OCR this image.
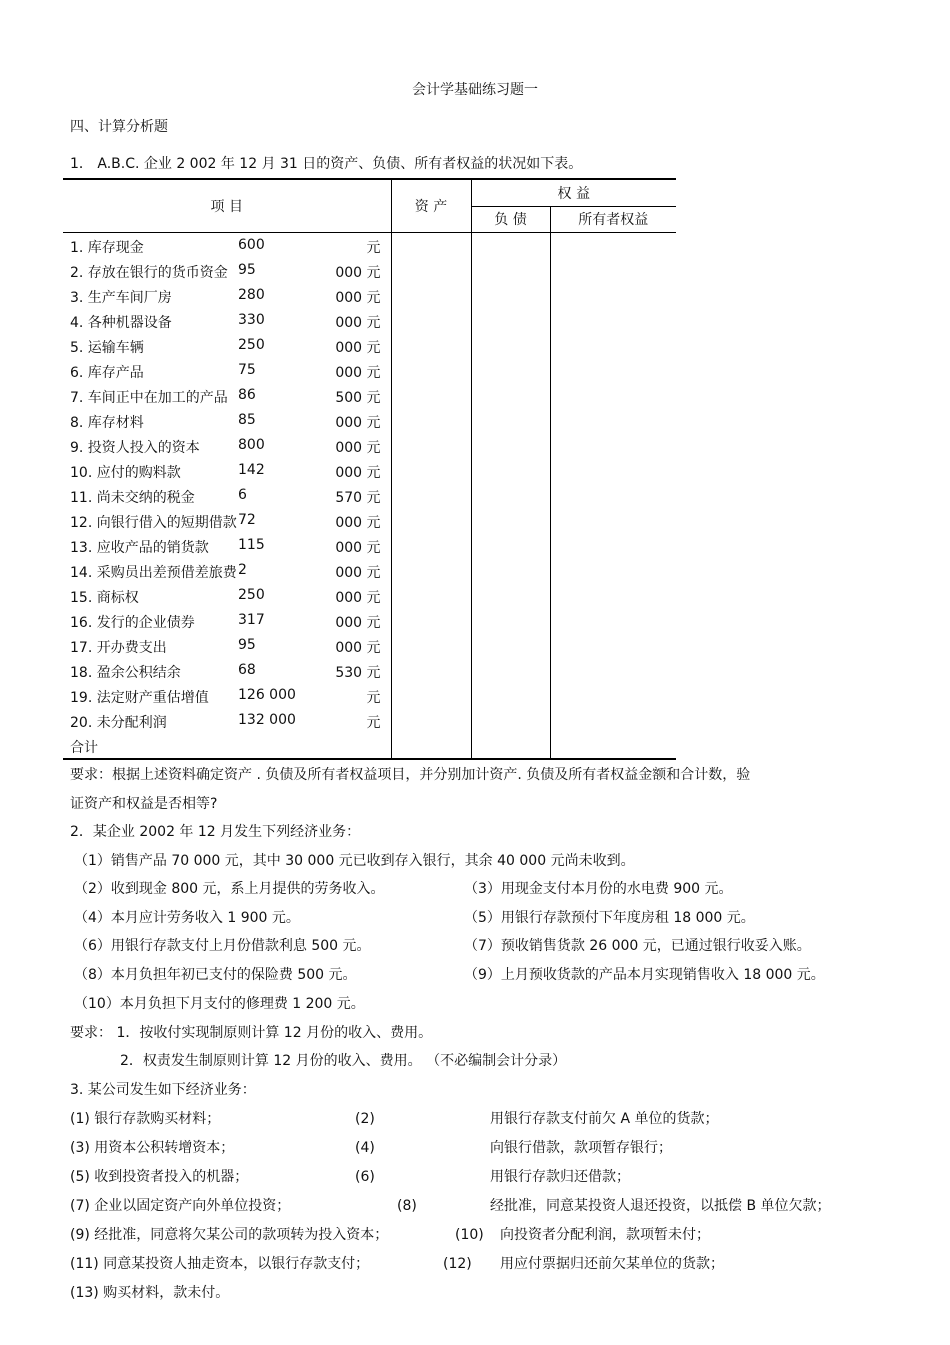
会计学基础练习题一
四、计算分析题
1． A.B.C. 企业 2 002 年 12 月 31 日的资产、负债、所有者权益的状况如下表。
项 目	资 产	权 益	
		负 债	所有者权益

1. 库存现金 600 元			

2. 存放在银行的货币资金 95 000 元			

3. 生产车间厂房 280 000 元			

4. 各种机器设备 330 000 元			

5. 运输车辆 250 000 元			

6. 库存产品 75 000 元			

7. 车间正中在加工的产品 86 500 元			

8. 库存材料 85 000 元			

9. 投资人投入的资本 800 000 元			

10. 应付的购料款 142 000 元			

11. 尚未交纳的税金 6 570 元			

12. 向银行借入的短期借款 72 000 元			

13. 应收产品的销货款 115 000 元			

14. 采购员出差预借差旅费 2 000 元			

15. 商标权 250 000 元			

16. 发行的企业债券 317 000 元			

17. 开办费支出 95 000 元			

18. 盈余公积结余 68 530 元			

19. 法定财产重估增值 126 000 元			

20. 未分配利润 132 000 元			

合计			

要求：根据上述资料确定资产 . 负债及所有者权益项目，并分别加计资产. 负债及所有者权益金额和合计数，验
证资产和权益是否相等?
2．某企业 2002 年 12 月发生下列经济业务：
（1）销售产品 70 000 元，其中 30 000 元已收到存入银行，其余 40 000 元尚未收到。
（2）收到现金 800 元，系上月提供的劳务收入。	（3）用现金支付本月份的水电费 900 元。
（4）本月应计劳务收入 1 900 元。	（5）用银行存款预付下年度房租 18 000 元。
（6）用银行存款支付上月份借款利息 500 元。	（7）预收销售货款 26 000 元，已通过银行收妥入账。
（8）本月负担年初已支付的保险费 500 元。	（9）上月预收货款的产品本月实现销售收入 18 000 元。
（10）本月负担下月支付的修理费 1 200 元。
要求： 1．按收付实现制原则计算 12 月份的收入、费用。
2．权责发生制原则计算 12 月份的收入、费用。 （不必编制会计分录）
3. 某公司发生如下经济业务：
(1) 银行存款购买材料；	(2)	用银行存款支付前欠 A 单位的货款；
(3) 用资本公积转增资本；	(4)	向银行借款，款项暂存银行；
(5) 收到投资者投入的机器；	(6)	用银行存款归还借款；
(7) 企业以固定资产向外单位投资；	(8)	经批准，同意某投资人退还投资，以抵偿 B 单位欠款；
(9) 经批准，同意将欠某公司的款项转为投入资本；	(10) 向投资者分配利润，款项暂未付；
(11) 同意某投资人抽走资本，以银行存款支付；	(12) 用应付票据归还前欠某单位的货款；
(13) 购买材料，款未付。
